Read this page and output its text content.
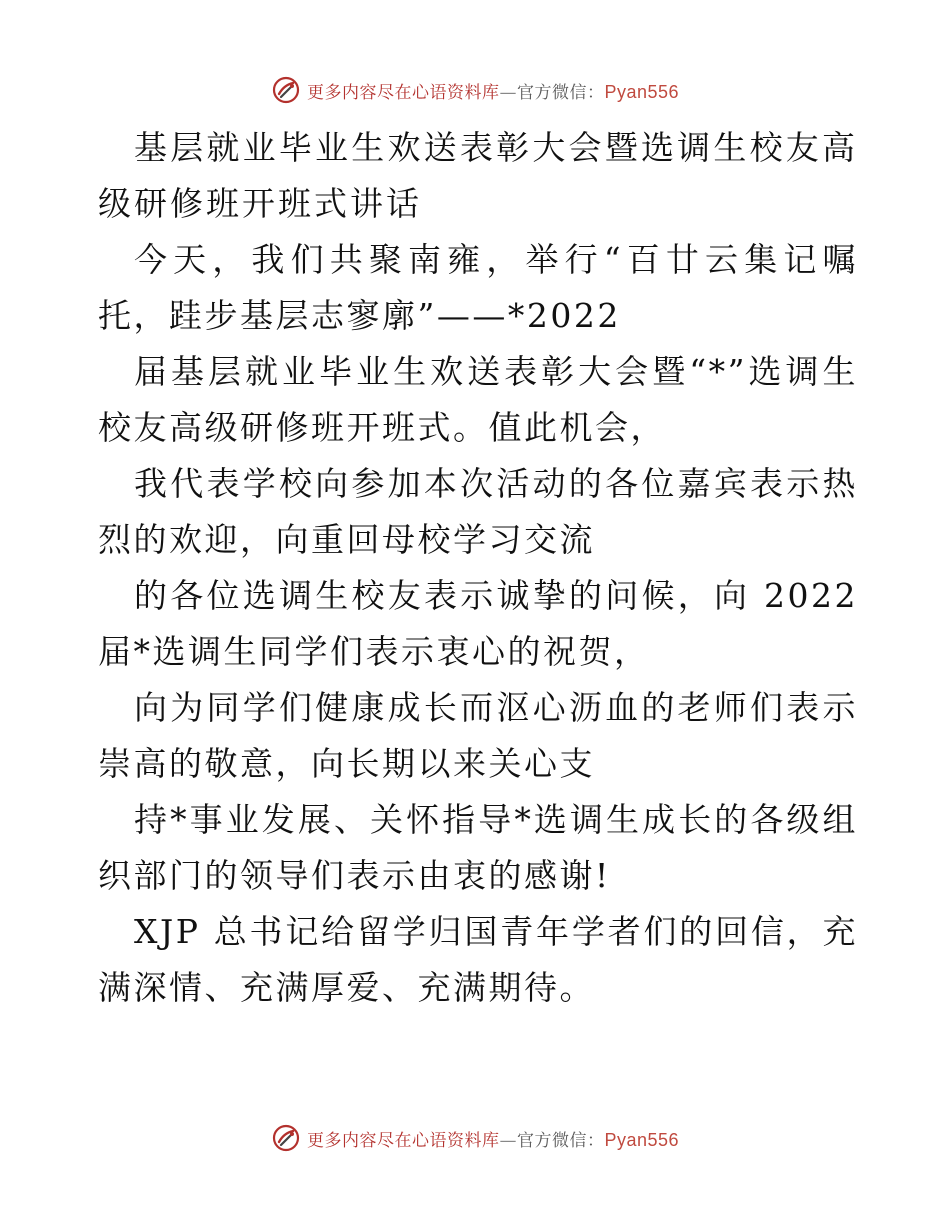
更多内容尽在心语资料库—官方微信：Pyan556

基层就业毕业生欢送表彰大会暨选调生校友高级研修班开班式讲话

今天，我们共聚南雍，举行“百廿云集记嘱托，跬步基层志寥廓”——*2022

届基层就业毕业生欢送表彰大会暨“*”选调生校友高级研修班开班式。值此机会，

我代表学校向参加本次活动的各位嘉宾表示热烈的欢迎，向重回母校学习交流

的各位选调生校友表示诚挚的问候，向 2022 届*选调生同学们表示衷心的祝贺，

向为同学们健康成长而沤心沥血的老师们表示崇高的敬意，向长期以来关心支

持*事业发展、关怀指导*选调生成长的各级组织部门的领导们表示由衷的感谢!

XJP 总书记给留学归国青年学者们的回信，充满深情、充满厚爱、充满期待。

更多内容尽在心语资料库—官方微信：Pyan556
